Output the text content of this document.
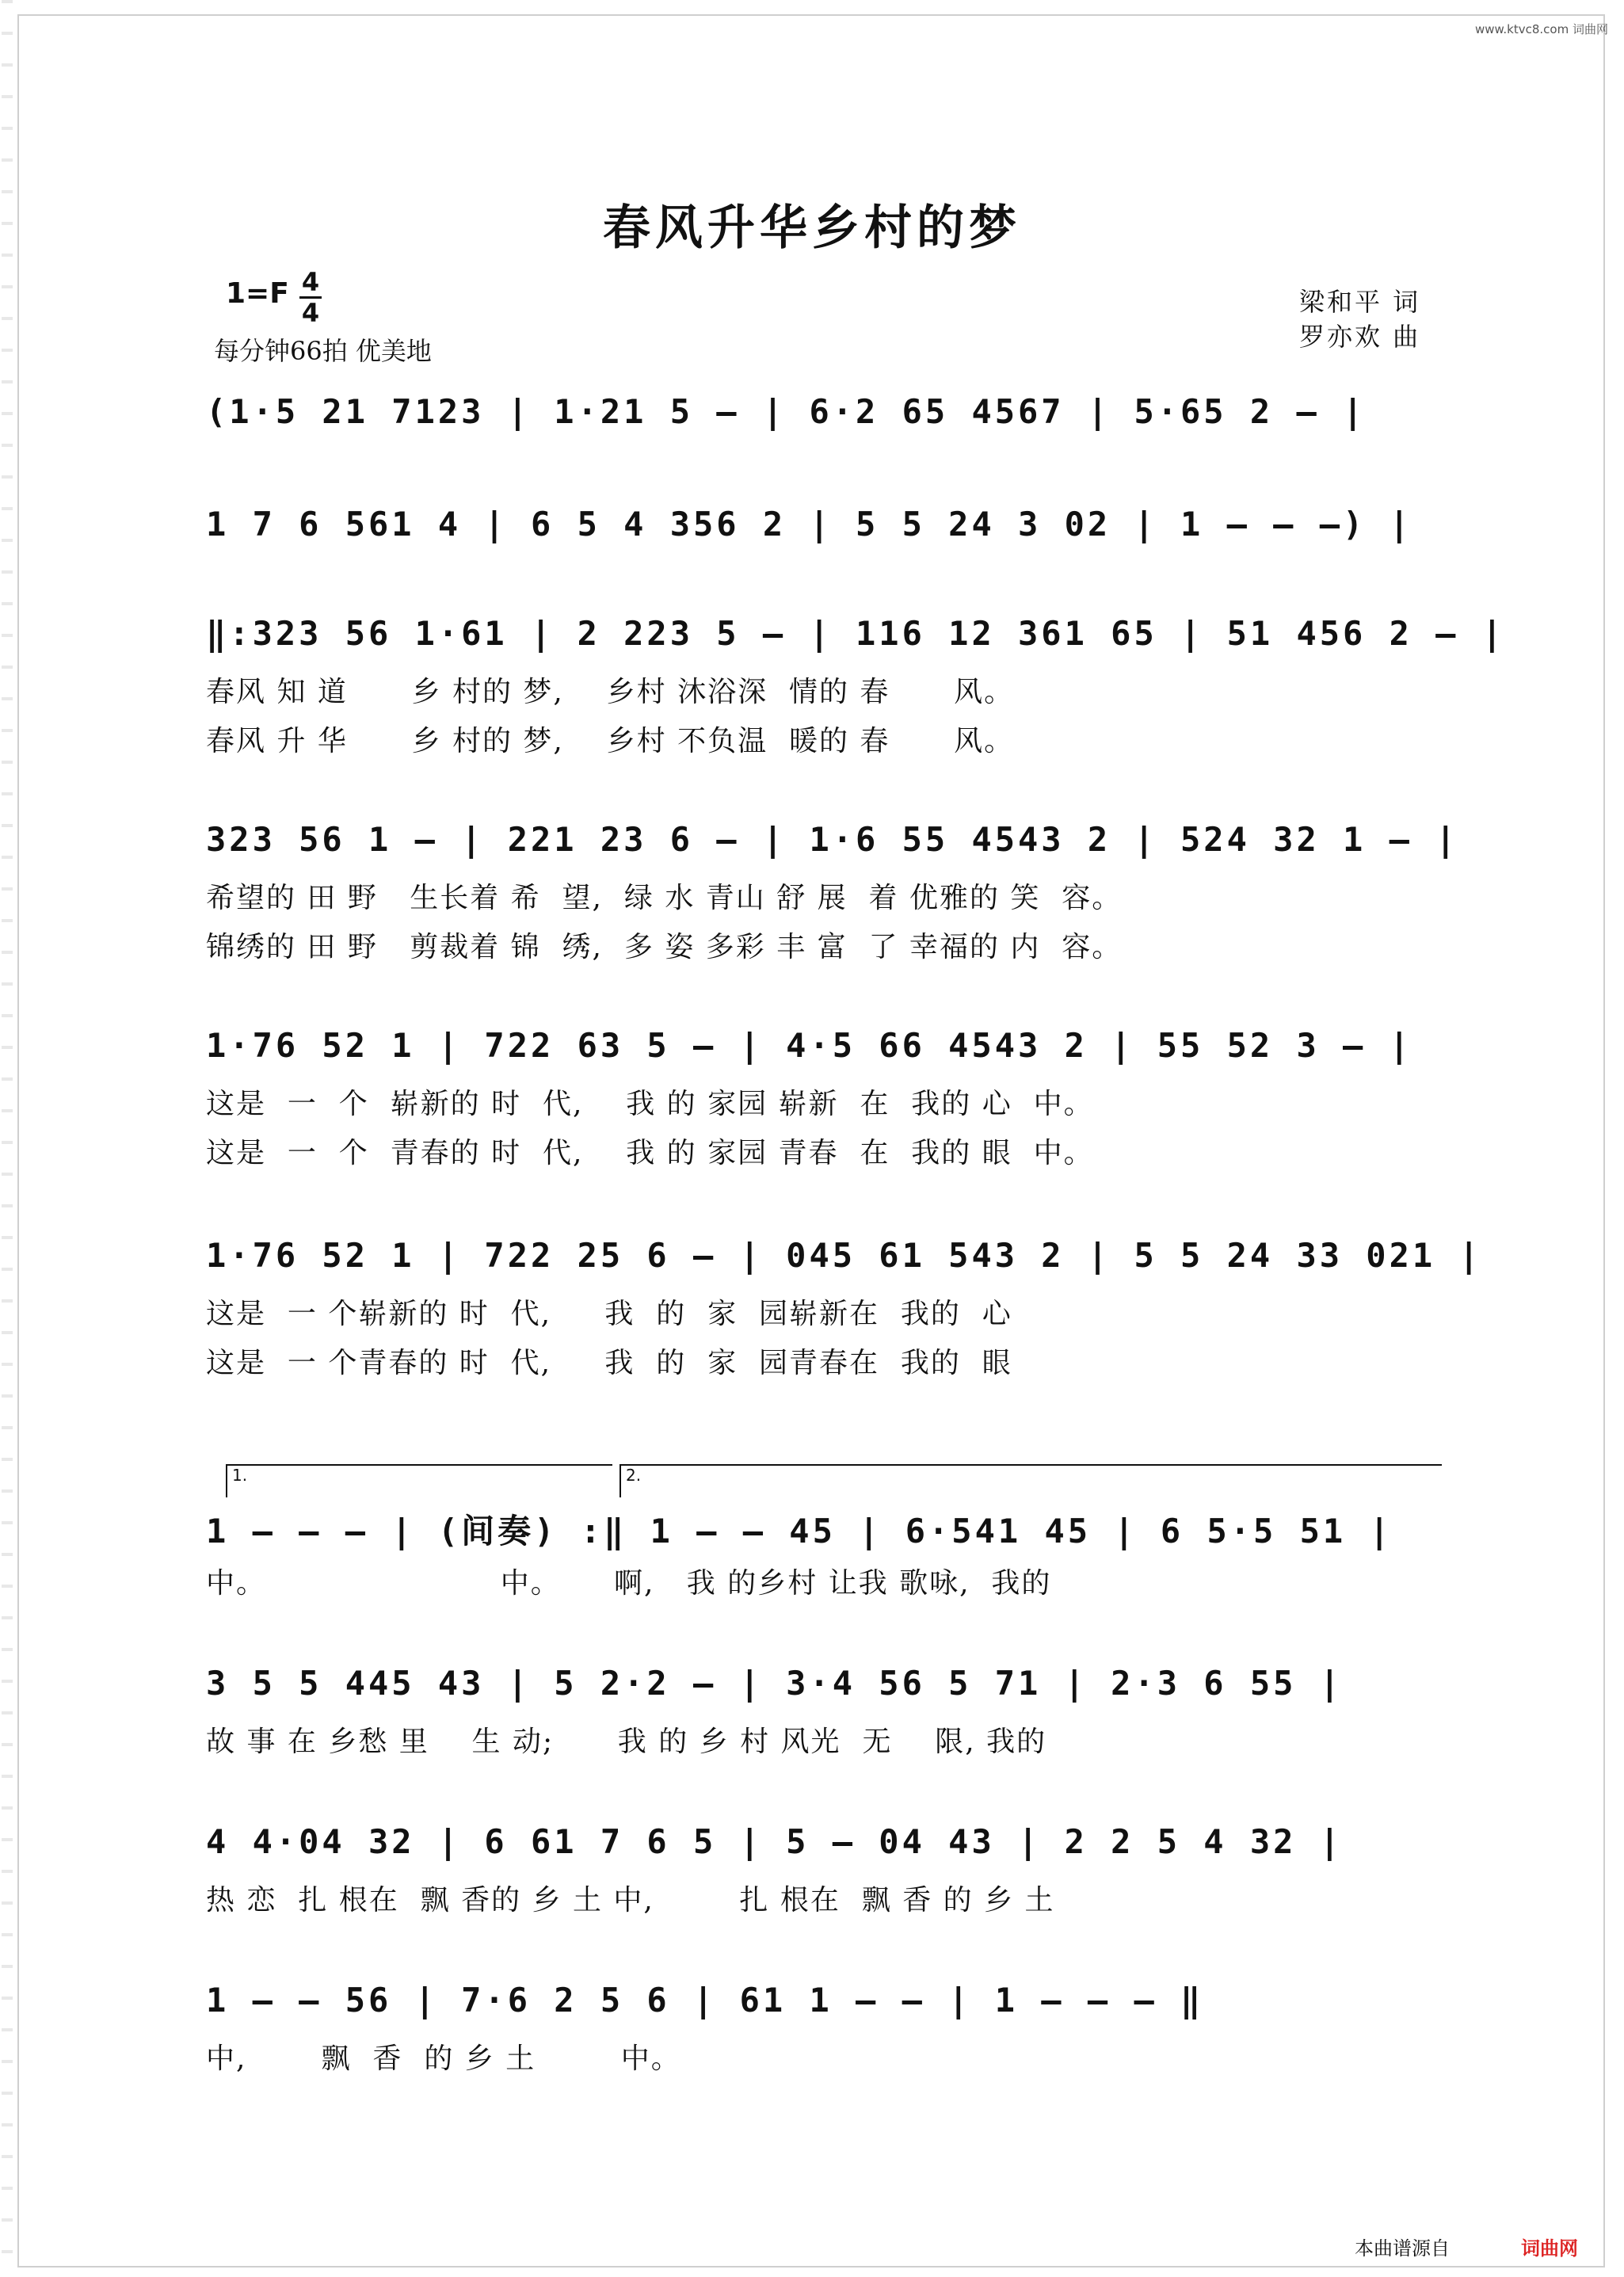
www.ktvc8.com 词曲网
春风升华乡村的梦
1=F 4
4
每分钟66拍 优美地
梁和平 词
罗亦欢 曲
(1·5 21 7123 | 1·21 5 — | 6·2 65 4567 | 5·65 2 — |
1 7 6 561 4 | 6 5 4 356 2 | 5 5 24 3 02 | 1 — — —) |
‖:323 56 1·61 | 2 223 5 — | 116 12 361 65 | 51 456 2 — |
春风 知 道      乡 村的 梦,    乡村 沐浴深  情的 春      风。
春风 升 华      乡 村的 梦,    乡村 不负温  暖的 春      风。
323 56 1 — | 221 23 6 — | 1·6 55 4543 2 | 524 32 1 — |
希望的 田 野   生长着 希  望,  绿 水 青山 舒 展  着 优雅的 笑  容。
锦绣的 田 野   剪裁着 锦  绣,  多 姿 多彩 丰 富  了 幸福的 内  容。
1·76 52 1 | 722 63 5 — | 4·5 66 4543 2 | 55 52 3 — |
这是  一  个  崭新的 时  代,    我 的 家园 崭新  在  我的 心  中。
这是  一  个  青春的 时  代,    我 的 家园 青春  在  我的 眼  中。
1·76 52 1 | 722 25 6 — | 045 61 543 2 | 5 5 24 33 021 |
这是  一 个崭新的 时  代,     我  的  家  园崭新在  我的  心
这是  一 个青春的 时  代,     我  的  家  园青春在  我的  眼
1.	2.
1 — — — | (间奏) :‖ 1 — — 45 | 6·541 45 | 6 5·5 51 |
中。                      中。     啊,   我 的乡村 让我 歌咏,  我的
3 5 5 445 43 | 5 2·2 — | 3·4 56 5 71 | 2·3 6 55 |
故 事 在 乡愁 里    生 动;      我 的 乡 村 风光  无    限, 我的
4 4·04 32 | 6 61 7 6 5 | 5 — 04 43 | 2 2 5 4 32 |
热 恋  扎 根在  飘 香的 乡 土 中,        扎 根在  飘 香 的 乡 土
1 — — 56 | 7·6 2 5 6 | 61 1 — — | 1 — — — ‖
中,       飘  香  的 乡 土        中。
本曲谱源自	词曲网
